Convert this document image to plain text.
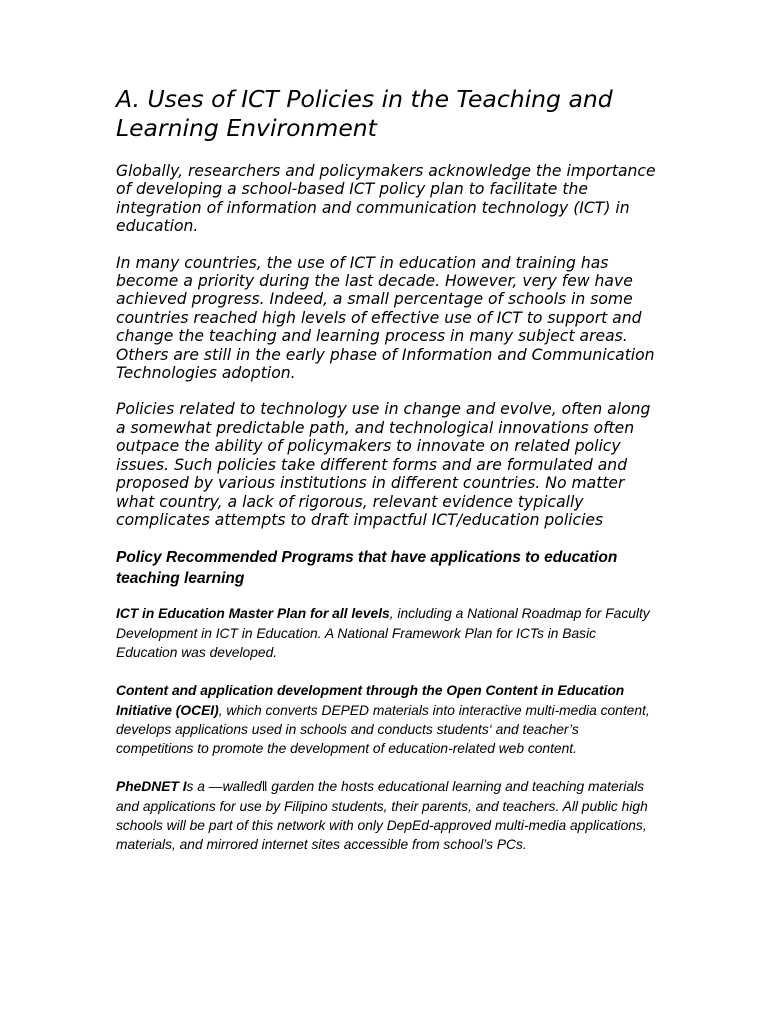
A. Uses of ICT Policies in the Teaching and Learning Environment

Globally, researchers and policymakers acknowledge the importance of developing a school-based ICT policy plan to facilitate the integration of information and communication technology (ICT) in education.

In many countries, the use of ICT in education and training has become a priority during the last decade. However, very few have achieved progress. Indeed, a small percentage of schools in some countries reached high levels of effective use of ICT to support and change the teaching and learning process in many subject areas. Others are still in the early phase of Information and Communication Technologies adoption.

Policies related to technology use in change and evolve, often along a somewhat predictable path, and technological innovations often outpace the ability of policymakers to innovate on related policy issues. Such policies take different forms and are formulated and proposed by various institutions in different countries. No matter what country, a lack of rigorous, relevant evidence typically complicates attempts to draft impactful ICT/education policies

Policy Recommended Programs that have applications to education teaching learning

ICT in Education Master Plan for all levels, including a National Roadmap for Faculty Development in ICT in Education. A National Framework Plan for ICTs in Basic Education was developed.

Content and application development through the Open Content in Education Initiative (OCEI), which converts DEPED materials into interactive multi-media content, develops applications used in schools and conducts students‘ and teacher’s competitions to promote the development of education-related web content.

PheDNET Is a ―walled‖ garden the hosts educational learning and teaching materials and applications for use by Filipino students, their parents, and teachers. All public high schools will be part of this network with only DepEd-approved multi-media applications, materials, and mirrored internet sites accessible from school’s PCs.
